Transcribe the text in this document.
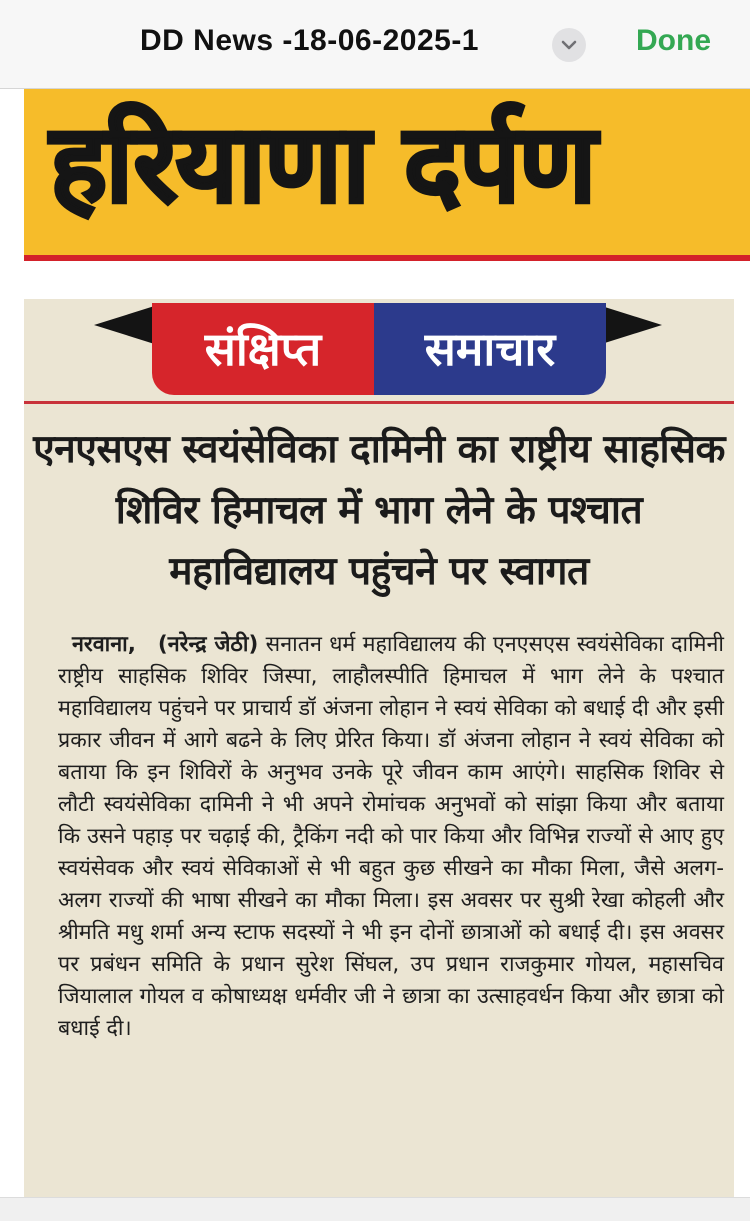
DD News -18-06-2025-1	Done
हरियाणा दर्पण
संक्षिप्त	समाचार
एनएसएस स्वयंसेविका दामिनी का राष्ट्रीय साहसिक शिविर हिमाचल में भाग लेने के पश्चात महाविद्यालय पहुंचने पर स्वागत
नरवाना, (नरेन्द्र जेठी) सनातन धर्म महाविद्यालय की एनएसएस स्वयंसेविका दामिनी राष्ट्रीय साहसिक शिविर जिस्पा, लाहौलस्पीति हिमाचल में भाग लेने के पश्चात महाविद्यालय पहुंचने पर प्राचार्य डॉ अंजना लोहान ने स्वयं सेविका को बधाई दी और इसी प्रकार जीवन में आगे बढने के लिए प्रेरित किया। डॉ अंजना लोहान ने स्वयं सेविका को बताया कि इन शिविरों के अनुभव उनके पूरे जीवन काम आएंगे। साहसिक शिविर से लौटी स्वयंसेविका दामिनी ने भी अपने रोमांचक अनुभवों को सांझा किया और बताया कि उसने पहाड़ पर चढ़ाई की, ट्रैकिंग नदी को पार किया और विभिन्न राज्यों से आए हुए स्वयंसेवक और स्वयं सेविकाओं से भी बहुत कुछ सीखने का मौका मिला, जैसे अलग-अलग राज्यों की भाषा सीखने का मौका मिला। इस अवसर पर सुश्री रेखा कोहली और श्रीमति मधु शर्मा अन्य स्टाफ सदस्यों ने भी इन दोनों छात्राओं को बधाई दी। इस अवसर पर प्रबंधन समिति के प्रधान सुरेश सिंघल, उप प्रधान राजकुमार गोयल, महासचिव जियालाल गोयल व कोषाध्यक्ष धर्मवीर जी ने छात्रा का उत्साहवर्धन किया और छात्रा को बधाई दी।
